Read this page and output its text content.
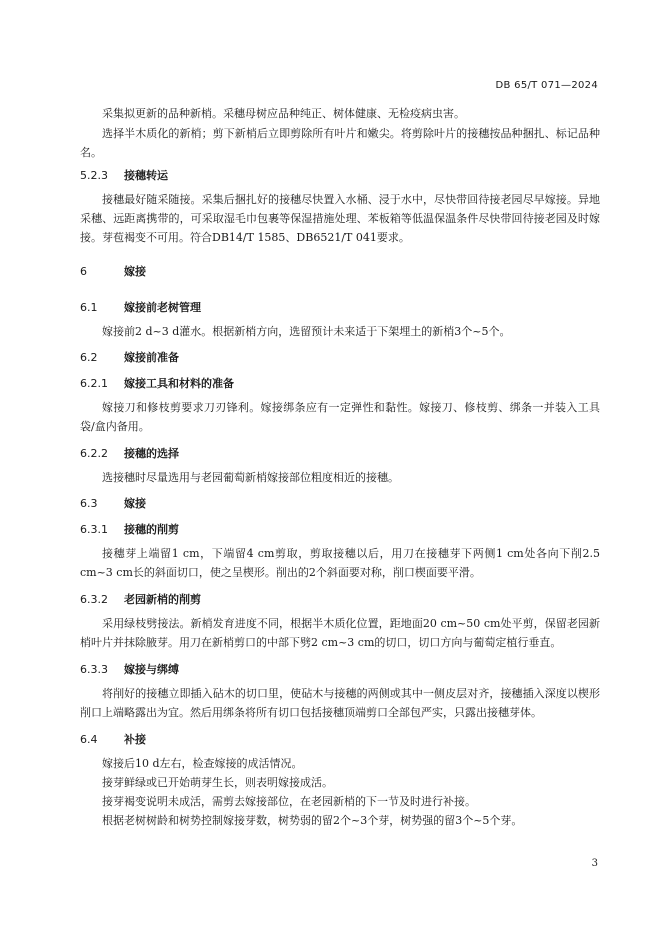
DB 65/T 071—2024
采集拟更新的品种新梢。采穗母树应品种纯正、树体健康、无检疫病虫害。
选择半木质化的新梢；剪下新梢后立即剪除所有叶片和嫩尖。将剪除叶片的接穗按品种捆扎、标记品种名。
5.2.3 接穗转运
接穗最好随采随接。采集后捆扎好的接穗尽快置入水桶、浸于水中，尽快带回待接老园尽早嫁接。异地采穗、远距离携带的，可采取湿毛巾包裹等保湿措施处理、苯板箱等低温保温条件尽快带回待接老园及时嫁接。芽苞褐变不可用。符合DB14/T 1585、DB6521/T 041要求。
6	嫁接
6.1 嫁接前老树管理
嫁接前2 d~3 d灌水。根据新梢方向，选留预计未来适于下架埋土的新梢3个~5个。
6.2 嫁接前准备
6.2.1 嫁接工具和材料的准备
嫁接刀和修枝剪要求刀刃锋利。嫁接绑条应有一定弹性和黏性。嫁接刀、修枝剪、绑条一并装入工具袋/盒内备用。
6.2.2 接穗的选择
选接穗时尽量选用与老园葡萄新梢嫁接部位粗度相近的接穗。
6.3 嫁接
6.3.1 接穗的削剪
接穗芽上端留1 cm，下端留4 cm剪取，剪取接穗以后，用刀在接穗芽下两侧1 cm处各向下削2.5 cm~3 cm长的斜面切口，使之呈楔形。削出的2个斜面要对称，削口楔面要平滑。
6.3.2 老园新梢的削剪
采用绿枝劈接法。新梢发育进度不同，根据半木质化位置，距地面20 cm~50 cm处平剪，保留老园新梢叶片并抹除腋芽。用刀在新梢剪口的中部下劈2 cm~3 cm的切口，切口方向与葡萄定植行垂直。
6.3.3 嫁接与绑缚
将削好的接穗立即插入砧木的切口里，使砧木与接穗的两侧或其中一侧皮层对齐，接穗插入深度以楔形削口上端略露出为宜。然后用绑条将所有切口包括接穗顶端剪口全部包严实，只露出接穗芽体。
6.4 补接
嫁接后10 d左右，检查嫁接的成活情况。
接芽鲜绿或已开始萌芽生长，则表明嫁接成活。
接芽褐变说明未成活，需剪去嫁接部位，在老园新梢的下一节及时进行补接。
根据老树树龄和树势控制嫁接芽数，树势弱的留2个~3个芽，树势强的留3个~5个芽。
3
